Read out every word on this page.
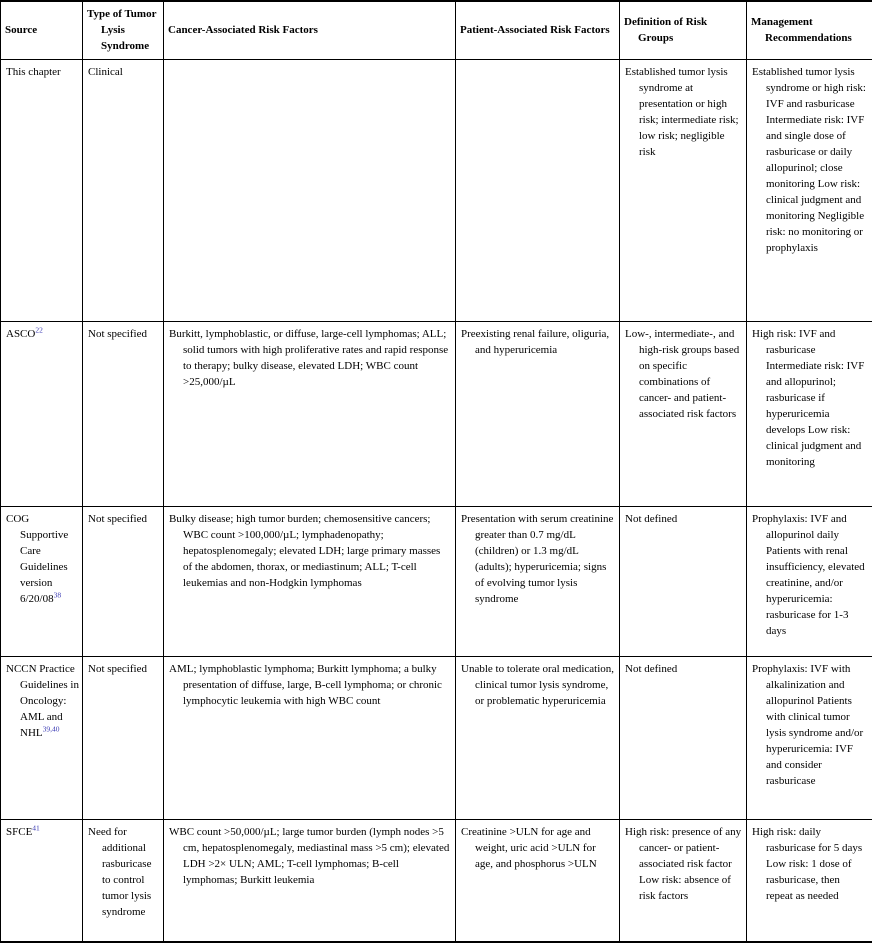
Source	Type of Tumor Lysis Syndrome	Cancer-Associated Risk Factors	Patient-Associated Risk Factors	Definition of Risk Groups	Management Recommendations

This chapter	Clinical			Established tumor lysis syndrome at presentation or high risk; intermediate risk; low risk; negligible risk	Established tumor lysis syndrome or high risk: IVF and rasburicase Intermediate risk: IVF and single dose of rasburicase or daily allopurinol; close monitoring Low risk: clinical judgment and monitoring Negligible risk: no monitoring or prophylaxis

ASCO$^{22}$	Not specified	Burkitt, lymphoblastic, or diffuse, large-cell lymphomas; ALL; solid tumors with high proliferative rates and rapid response to therapy; bulky disease, elevated LDH; WBC count >25,000/µL	Preexisting renal failure, oliguria, and hyperuricemia	Low-, intermediate-, and high-risk groups based on specific combinations of cancer- and patient-associated risk factors	High risk: IVF and rasburicase Intermediate risk: IVF and allopurinol; rasburicase if hyperuricemia develops Low risk: clinical judgment and monitoring

COG Supportive Care Guidelines version 6/20/08$^{38}$	Not specified	Bulky disease; high tumor burden; chemosensitive cancers; WBC count >100,000/µL; lymphadenopathy; hepatosplenomegaly; elevated LDH; large primary masses of the abdomen, thorax, or mediastinum; ALL; T-cell leukemias and non-Hodgkin lymphomas	Presentation with serum creatinine greater than 0.7 mg/dL (children) or 1.3 mg/dL (adults); hyperuricemia; signs of evolving tumor lysis syndrome	Not defined	Prophylaxis: IVF and allopurinol daily Patients with renal insufficiency, elevated creatinine, and/or hyperuricemia: rasburicase for 1-3 days

NCCN Practice Guidelines in Oncology: AML and NHL$^{39,40}$	Not specified	AML; lymphoblastic lymphoma; Burkitt lymphoma; a bulky presentation of diffuse, large, B-cell lymphoma; or chronic lymphocytic leukemia with high WBC count	Unable to tolerate oral medication, clinical tumor lysis syndrome, or problematic hyperuricemia	Not defined	Prophylaxis: IVF with alkalinization and allopurinol Patients with clinical tumor lysis syndrome and/or hyperuricemia: IVF and consider rasburicase

SFCE$^{41}$	Need for additional rasburicase to control tumor lysis syndrome	WBC count >50,000/µL; large tumor burden (lymph nodes >5 cm, hepatosplenomegaly, mediastinal mass >5 cm); elevated LDH >2× ULN; AML; T-cell lymphomas; B-cell lymphomas; Burkitt leukemia	Creatinine >ULN for age and weight, uric acid >ULN for age, and phosphorus >ULN	High risk: presence of any cancer- or patient-associated risk factor Low risk: absence of risk factors	High risk: daily rasburicase for 5 days Low risk: 1 dose of rasburicase, then repeat as needed
